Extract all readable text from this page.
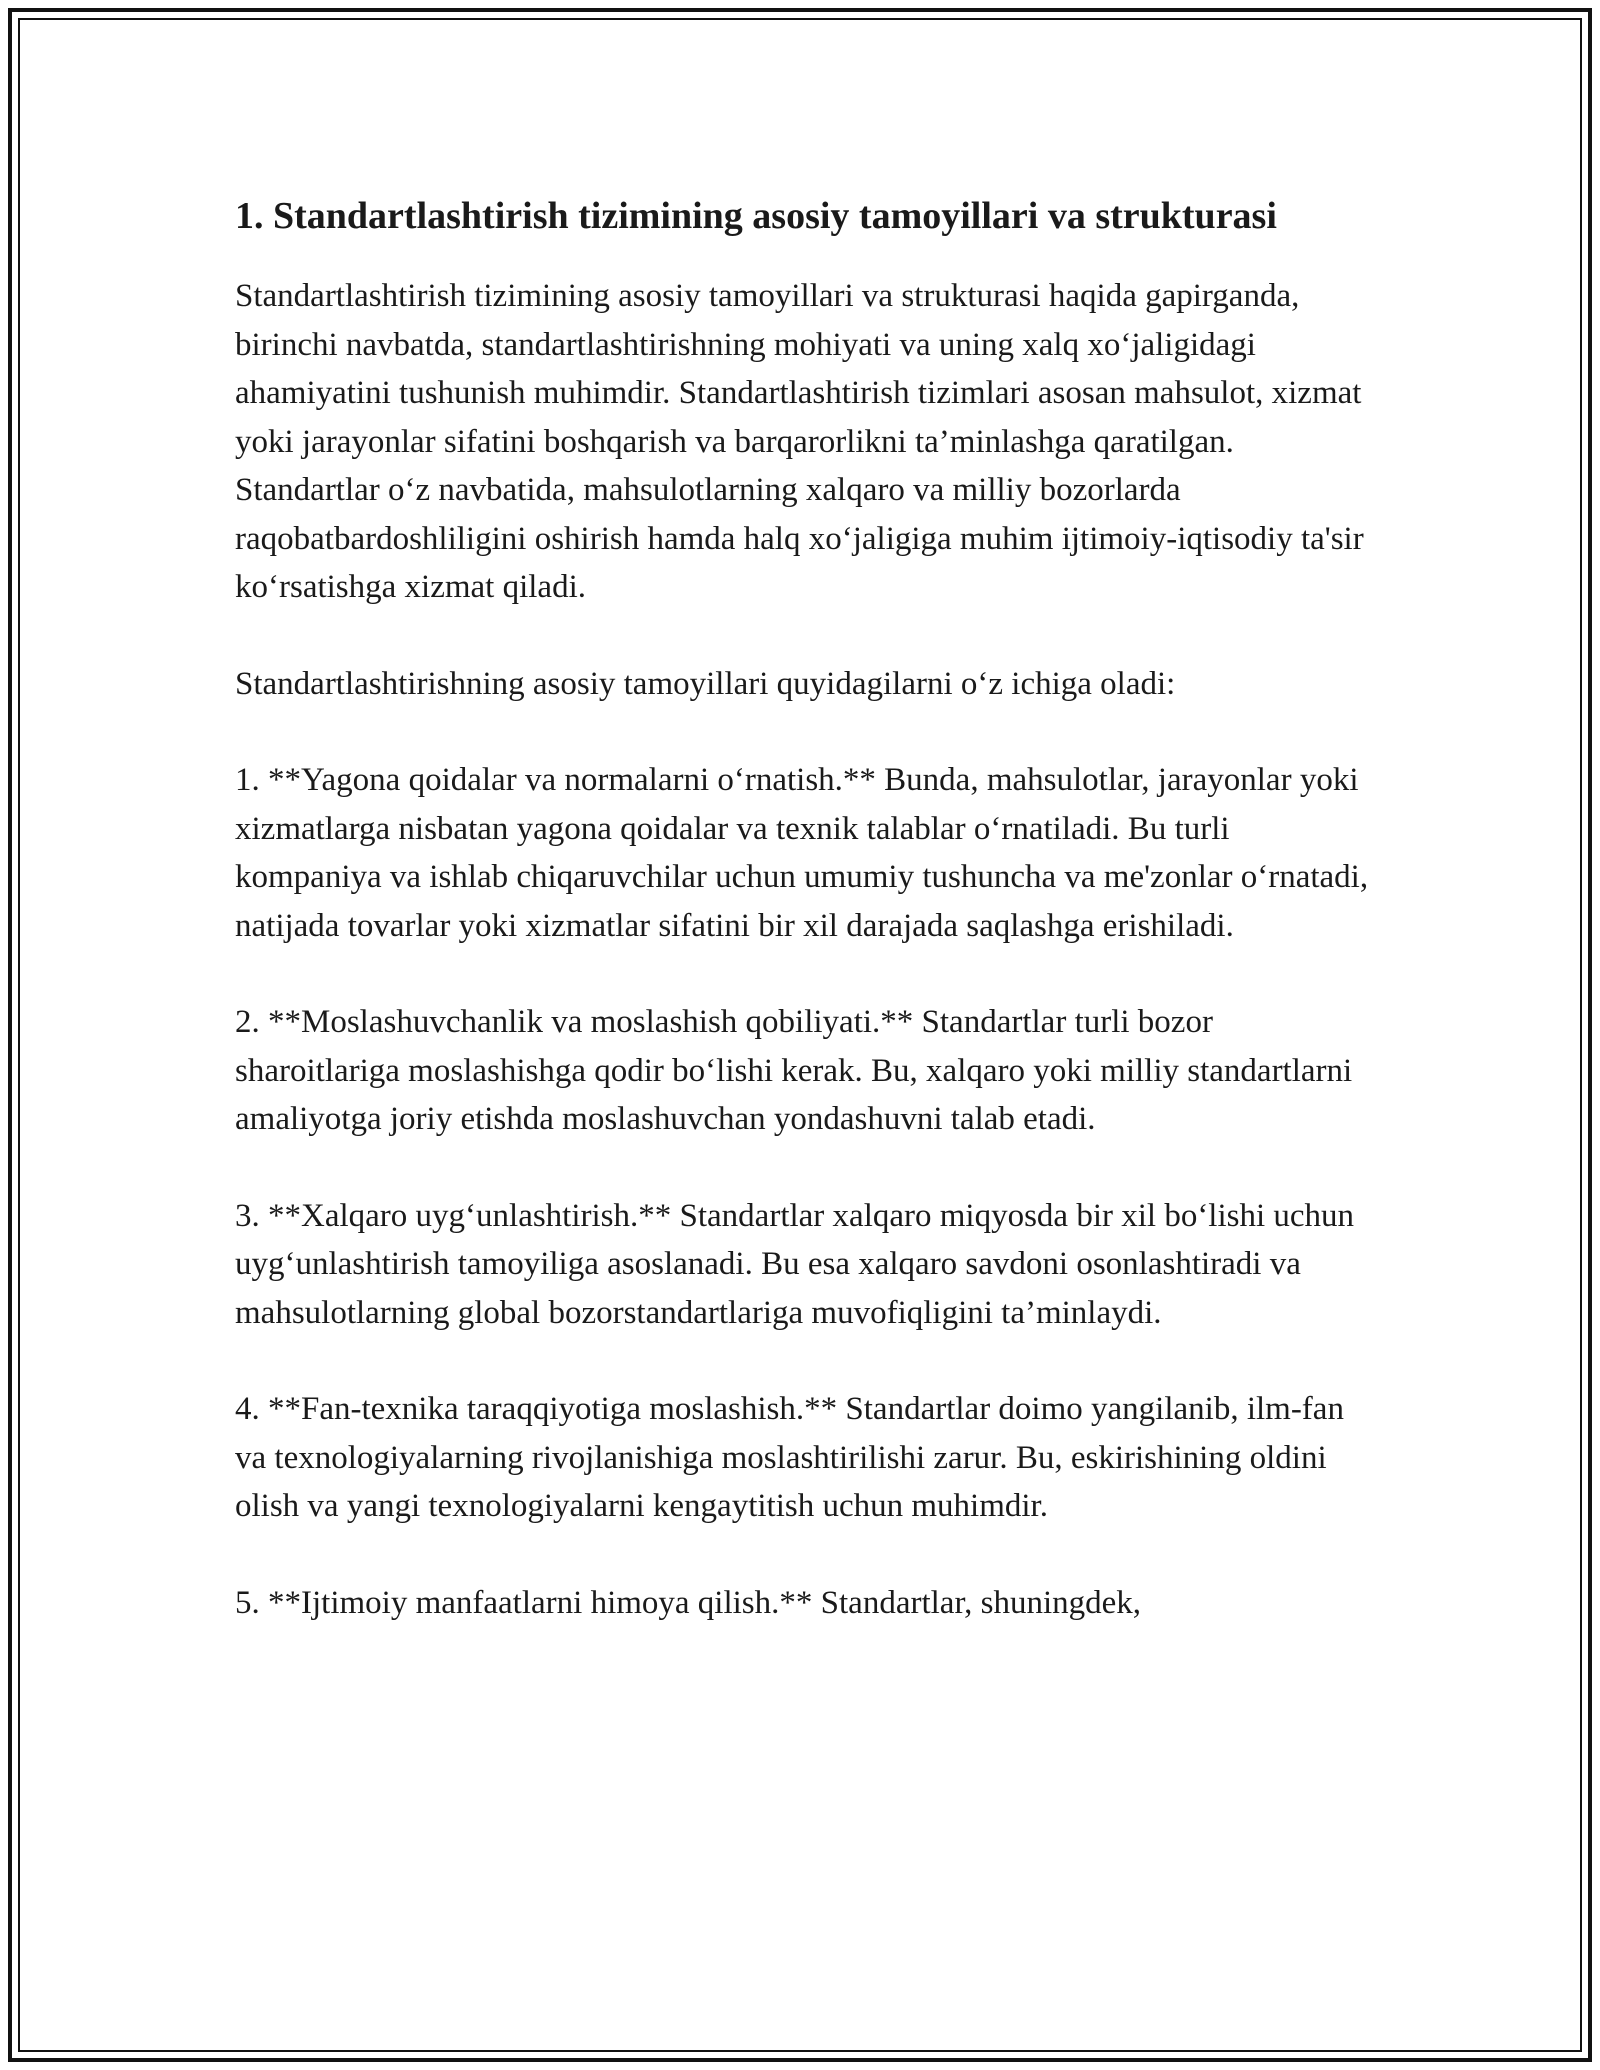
1. Standartlashtirish tizimining asosiy tamoyillari va strukturasi

Standartlashtirish tizimining asosiy tamoyillari va strukturasi haqida gapirganda, birinchi navbatda, standartlashtirishning mohiyati va uning xalq xo‘jaligidagi ahamiyatini tushunish muhimdir. Standartlashtirish tizimlari asosan mahsulot, xizmat yoki jarayonlar sifatini boshqarish va barqarorlikni ta’minlashga qaratilgan. Standartlar o‘z navbatida, mahsulotlarning xalqaro va milliy bozorlarda raqobatbardoshliligini oshirish hamda halq xo‘jaligiga muhim ijtimoiy-iqtisodiy ta'sir ko‘rsatishga xizmat qiladi.

Standartlashtirishning asosiy tamoyillari quyidagilarni o‘z ichiga oladi:

1. **Yagona qoidalar va normalarni o‘rnatish.** Bunda, mahsulotlar, jarayonlar yoki xizmatlarga nisbatan yagona qoidalar va texnik talablar o‘rnatiladi. Bu turli kompaniya va ishlab chiqaruvchilar uchun umumiy tushuncha va me'zonlar o‘rnatadi, natijada tovarlar yoki xizmatlar sifatini bir xil darajada saqlashga erishiladi.

2. **Moslashuvchanlik va moslashish qobiliyati.** Standartlar turli bozor sharoitlariga moslashishga qodir bo‘lishi kerak. Bu, xalqaro yoki milliy standartlarni amaliyotga joriy etishda moslashuvchan yondashuvni talab etadi.

3. **Xalqaro uyg‘unlashtirish.** Standartlar xalqaro miqyosda bir xil bo‘lishi uchun uyg‘unlashtirish tamoyiliga asoslanadi. Bu esa xalqaro savdoni osonlashtiradi va mahsulotlarning global bozorstandartlariga muvofiqligini ta’minlaydi.

4. **Fan-texnika taraqqiyotiga moslashish.** Standartlar doimo yangilanib, ilm-fan va texnologiyalarning rivojlanishiga moslashtirilishi zarur. Bu, eskirishining oldini olish va yangi texnologiyalarni kengaytitish uchun muhimdir.

5. **Ijtimoiy manfaatlarni himoya qilish.** Standartlar, shuningdek,
